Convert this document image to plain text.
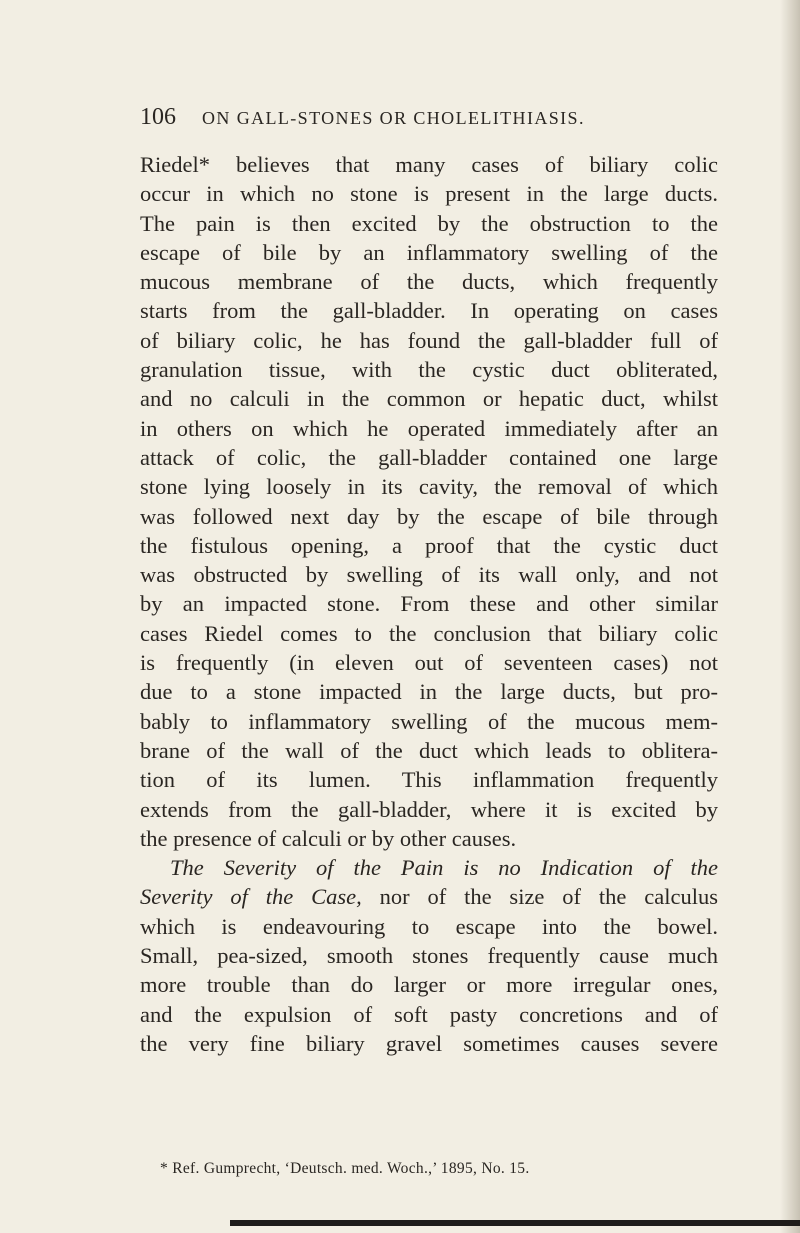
106 ON GALL-STONES OR CHOLELITHIASIS.
Riedel* believes that many cases of biliary colic
occur in which no stone is present in the large ducts.
The pain is then excited by the obstruction to the
escape of bile by an inflammatory swelling of the
mucous membrane of the ducts, which frequently
starts from the gall-bladder. In operating on cases
of biliary colic, he has found the gall-bladder full of
granulation tissue, with the cystic duct obliterated,
and no calculi in the common or hepatic duct, whilst
in others on which he operated immediately after an
attack of colic, the gall-bladder contained one large
stone lying loosely in its cavity, the removal of which
was followed next day by the escape of bile through
the fistulous opening, a proof that the cystic duct
was obstructed by swelling of its wall only, and not
by an impacted stone. From these and other similar
cases Riedel comes to the conclusion that biliary colic
is frequently (in eleven out of seventeen cases) not
due to a stone impacted in the large ducts, but pro-
bably to inflammatory swelling of the mucous mem-
brane of the wall of the duct which leads to oblitera-
tion of its lumen. This inflammation frequently
extends from the gall-bladder, where it is excited by
the presence of calculi or by other causes.
The Severity of the Pain is no Indication of the
Severity of the Case, nor of the size of the calculus
which is endeavouring to escape into the bowel.
Small, pea-sized, smooth stones frequently cause much
more trouble than do larger or more irregular ones,
and the expulsion of soft pasty concretions and of
the very fine biliary gravel sometimes causes severe
* Ref. Gumprecht, ‘Deutsch. med. Woch.,’ 1895, No. 15.
